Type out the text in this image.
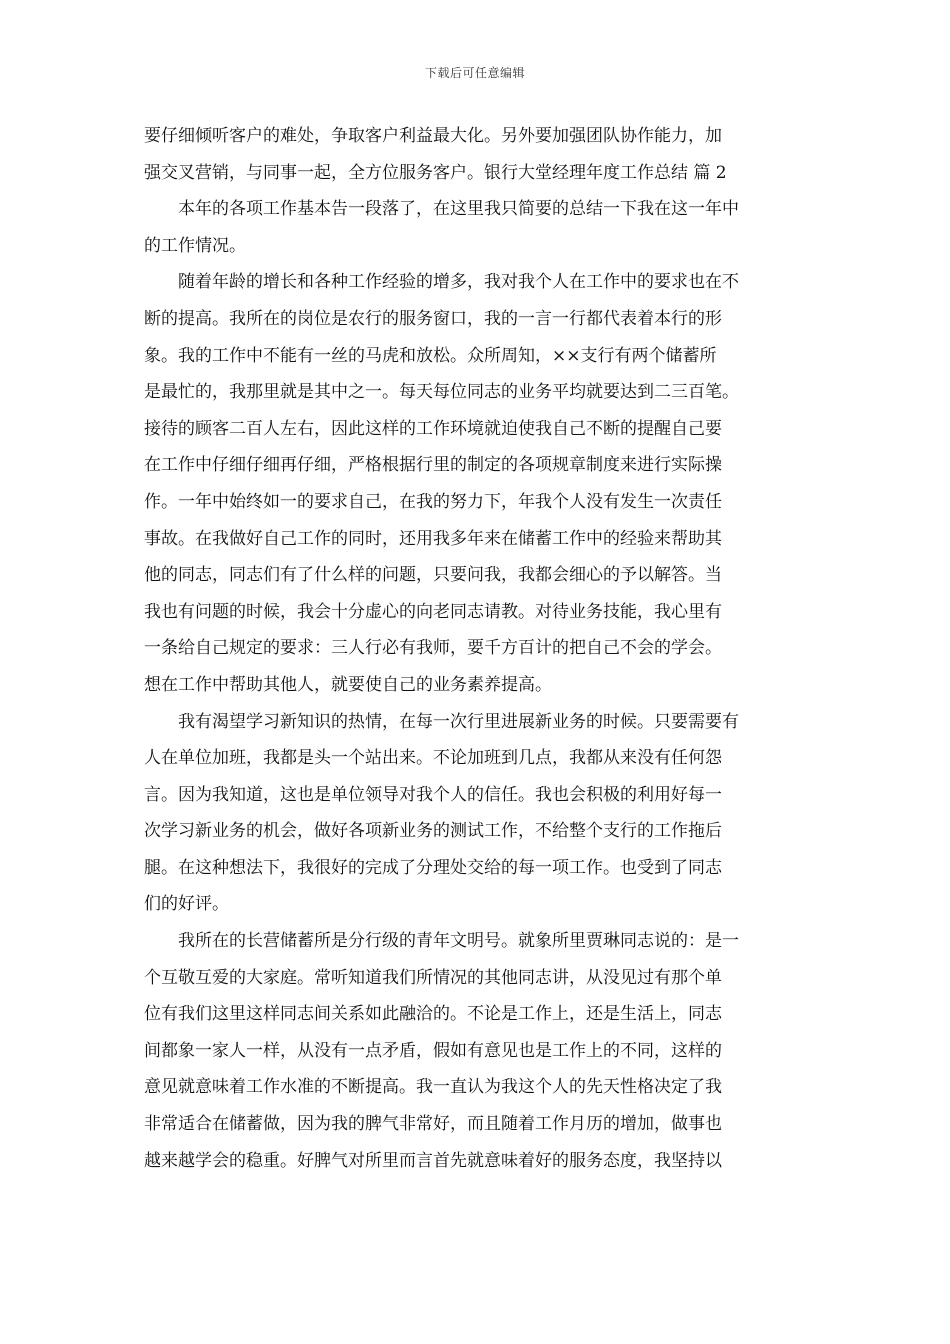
下载后可任意编辑
要仔细倾听客户的难处，争取客户利益最大化。另外要加强团队协作能力，加
强交叉营销，与同事一起，全方位服务客户。银行大堂经理年度工作总结 篇 2
本年的各项工作基本告一段落了，在这里我只简要的总结一下我在这一年中
的工作情况。
随着年龄的增长和各种工作经验的增多，我对我个人在工作中的要求也在不
断的提高。我所在的岗位是农行的服务窗口，我的一言一行都代表着本行的形
象。我的工作中不能有一丝的马虎和放松。众所周知，××支行有两个储蓄所
是最忙的，我那里就是其中之一。每天每位同志的业务平均就要达到二三百笔。
接待的顾客二百人左右，因此这样的工作环境就迫使我自己不断的提醒自己要
在工作中仔细仔细再仔细，严格根据行里的制定的各项规章制度来进行实际操
作。一年中始终如一的要求自己，在我的努力下，年我个人没有发生一次责任
事故。在我做好自己工作的同时，还用我多年来在储蓄工作中的经验来帮助其
他的同志，同志们有了什么样的问题，只要问我，我都会细心的予以解答。当
我也有问题的时候，我会十分虚心的向老同志请教。对待业务技能，我心里有
一条给自己规定的要求：三人行必有我师，要千方百计的把自己不会的学会。
想在工作中帮助其他人，就要使自己的业务素养提高。
我有渴望学习新知识的热情，在每一次行里进展新业务的时候。只要需要有
人在单位加班，我都是头一个站出来。不论加班到几点，我都从来没有任何怨
言。因为我知道，这也是单位领导对我个人的信任。我也会积极的利用好每一
次学习新业务的机会，做好各项新业务的测试工作，不给整个支行的工作拖后
腿。在这种想法下，我很好的完成了分理处交给的每一项工作。也受到了同志
们的好评。
我所在的长营储蓄所是分行级的青年文明号。就象所里贾琳同志说的：是一
个互敬互爱的大家庭。常听知道我们所情况的其他同志讲，从没见过有那个单
位有我们这里这样同志间关系如此融洽的。不论是工作上，还是生活上，同志
间都象一家人一样，从没有一点矛盾，假如有意见也是工作上的不同，这样的
意见就意味着工作水准的不断提高。我一直认为我这个人的先天性格决定了我
非常适合在储蓄做，因为我的脾气非常好，而且随着工作月历的增加，做事也
越来越学会的稳重。好脾气对所里而言首先就意味着好的服务态度，我坚持以
